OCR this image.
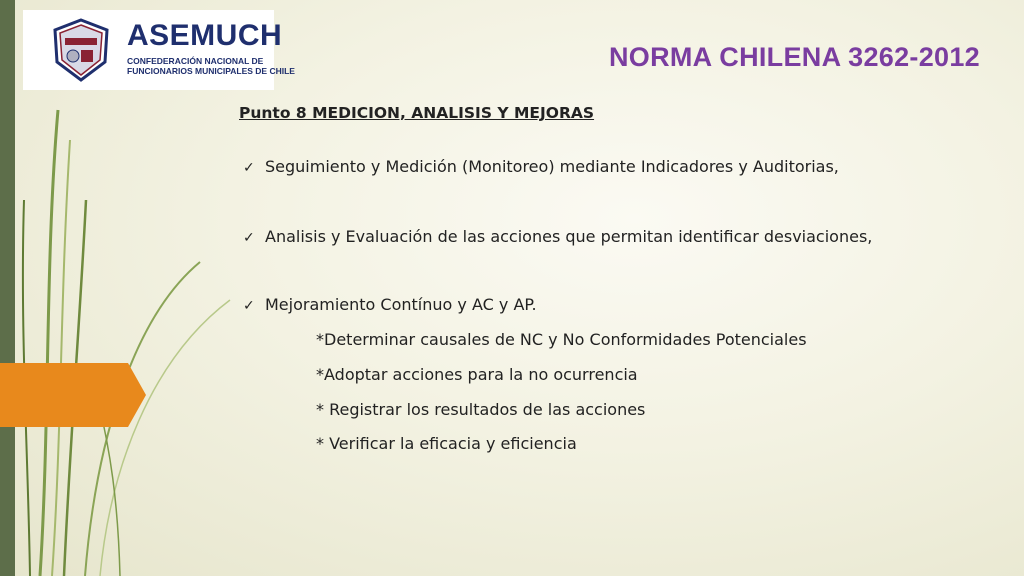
ASEMUCH
CONFEDERACIÓN NACIONAL DE
FUNCIONARIOS MUNICIPALES DE CHILE	NORMA CHILENA 3262-2012
Punto 8 MEDICION, ANALISIS Y MEJORAS
✓ Seguimiento y Medición (Monitoreo) mediante Indicadores y Auditorias,
✓ Analisis y Evaluación de las acciones que permitan identificar desviaciones,
✓ Mejoramiento Contínuo y AC y AP.
*Determinar causales de NC y No Conformidades Potenciales
*Adoptar acciones para la no ocurrencia
* Registrar los resultados de las acciones
* Verificar la eficacia y eficiencia
